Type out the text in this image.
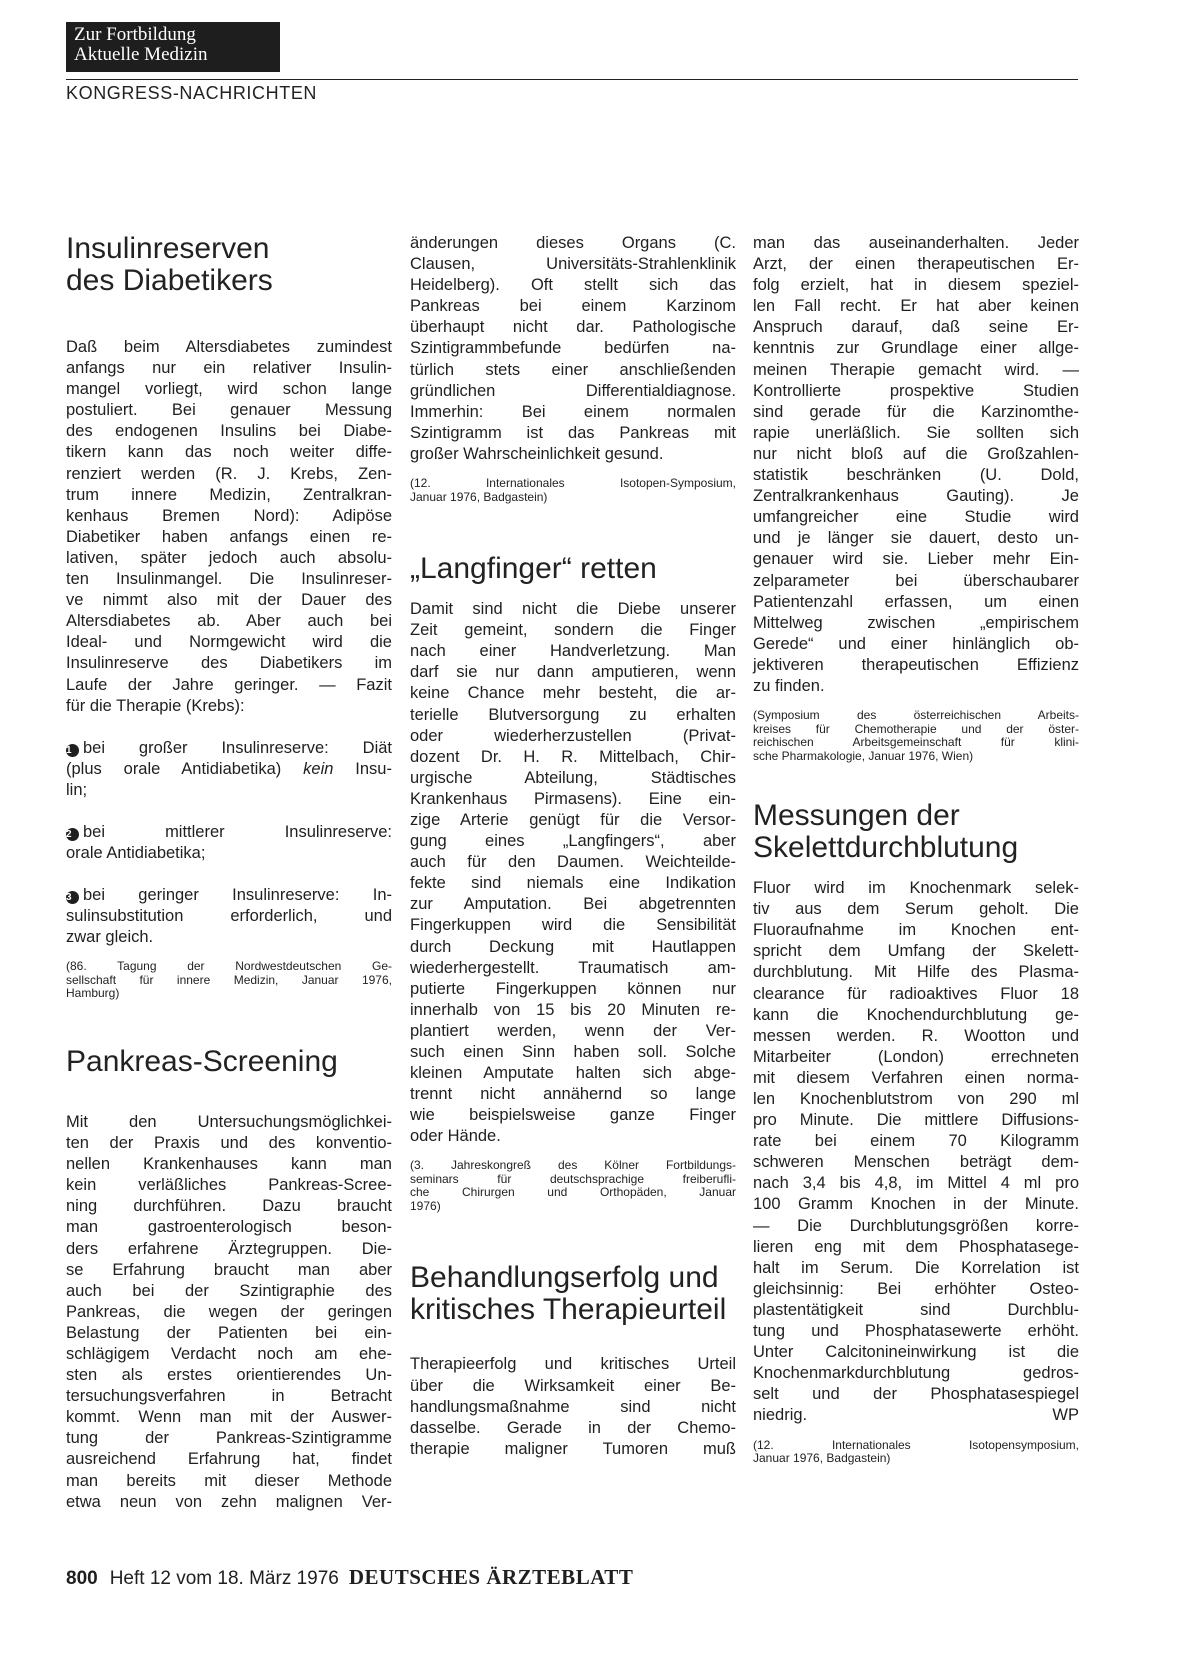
Zur Fortbildung
Aktuelle Medizin
KONGRESS-NACHRICHTEN
Insulinreserven
des Diabetikers
Daß beim Altersdiabetes zumindest
anfangs nur ein relativer Insulin-
mangel vorliegt, wird schon lange
postuliert. Bei genauer Messung
des endogenen Insulins bei Diabe-
tikern kann das noch weiter diffe-
renziert werden (R. J. Krebs, Zen-
trum innere Medizin, Zentralkran-
kenhaus Bremen Nord): Adipöse
Diabetiker haben anfangs einen re-
lativen, später jedoch auch absolu-
ten Insulinmangel. Die Insulinreser-
ve nimmt also mit der Dauer des
Altersdiabetes ab. Aber auch bei
Ideal- und Normgewicht wird die
Insulinreserve des Diabetikers im
Laufe der Jahre geringer. — Fazit
für die Therapie (Krebs):
1 bei großer Insulinreserve: Diät
(plus orale Antidiabetika) kein Insu-
lin;
2 bei mittlerer Insulinreserve:
orale Antidiabetika;
3 bei geringer Insulinreserve: In-
sulinsubstitution erforderlich, und
zwar gleich.
(86. Tagung der Nordwestdeutschen Ge-
sellschaft für innere Medizin, Januar 1976,
Hamburg)
Pankreas-Screening
Mit den Untersuchungsmöglichkei-
ten der Praxis und des konventio-
nellen Krankenhauses kann man
kein verläßliches Pankreas-Scree-
ning durchführen. Dazu braucht
man gastroenterologisch beson-
ders erfahrene Ärztegruppen. Die-
se Erfahrung braucht man aber
auch bei der Szintigraphie des
Pankreas, die wegen der geringen
Belastung der Patienten bei ein-
schlägigem Verdacht noch am ehe-
sten als erstes orientierendes Un-
tersuchungsverfahren in Betracht
kommt. Wenn man mit der Auswer-
tung der Pankreas-Szintigramme
ausreichend Erfahrung hat, findet
man bereits mit dieser Methode
etwa neun von zehn malignen Ver-
änderungen dieses Organs (C.
Clausen, Universitäts-Strahlenklinik
Heidelberg). Oft stellt sich das
Pankreas bei einem Karzinom
überhaupt nicht dar. Pathologische
Szintigrammbefunde bedürfen na-
türlich stets einer anschließenden
gründlichen Differentialdiagnose.
Immerhin: Bei einem normalen
Szintigramm ist das Pankreas mit
großer Wahrscheinlichkeit gesund.
(12. Internationales Isotopen-Symposium,
Januar 1976, Badgastein)
„Langfinger“ retten
Damit sind nicht die Diebe unserer
Zeit gemeint, sondern die Finger
nach einer Handverletzung. Man
darf sie nur dann amputieren, wenn
keine Chance mehr besteht, die ar-
terielle Blutversorgung zu erhalten
oder wiederherzustellen (Privat-
dozent Dr. H. R. Mittelbach, Chir-
urgische Abteilung, Städtisches
Krankenhaus Pirmasens). Eine ein-
zige Arterie genügt für die Versor-
gung eines „Langfingers“, aber
auch für den Daumen. Weichteilde-
fekte sind niemals eine Indikation
zur Amputation. Bei abgetrennten
Fingerkuppen wird die Sensibilität
durch Deckung mit Hautlappen
wiederhergestellt. Traumatisch am-
putierte Fingerkuppen können nur
innerhalb von 15 bis 20 Minuten re-
plantiert werden, wenn der Ver-
such einen Sinn haben soll. Solche
kleinen Amputate halten sich abge-
trennt nicht annähernd so lange
wie beispielsweise ganze Finger
oder Hände.
(3. Jahreskongreß des Kölner Fortbildungs-
seminars für deutschsprachige freiberufli-
che Chirurgen und Orthopäden, Januar
1976)
Behandlungserfolg und
kritisches Therapieurteil
Therapieerfolg und kritisches Urteil
über die Wirksamkeit einer Be-
handlungsmaßnahme sind nicht
dasselbe. Gerade in der Chemo-
therapie maligner Tumoren muß
man das auseinanderhalten. Jeder
Arzt, der einen therapeutischen Er-
folg erzielt, hat in diesem speziel-
len Fall recht. Er hat aber keinen
Anspruch darauf, daß seine Er-
kenntnis zur Grundlage einer allge-
meinen Therapie gemacht wird. —
Kontrollierte prospektive Studien
sind gerade für die Karzinomthe-
rapie unerläßlich. Sie sollten sich
nur nicht bloß auf die Großzahlen-
statistik beschränken (U. Dold,
Zentralkrankenhaus Gauting). Je
umfangreicher eine Studie wird
und je länger sie dauert, desto un-
genauer wird sie. Lieber mehr Ein-
zelparameter bei überschaubarer
Patientenzahl erfassen, um einen
Mittelweg zwischen „empirischem
Gerede“ und einer hinlänglich ob-
jektiveren therapeutischen Effizienz
zu finden.
(Symposium des österreichischen Arbeits-
kreises für Chemotherapie und der öster-
reichischen Arbeitsgemeinschaft für klini-
sche Pharmakologie, Januar 1976, Wien)
Messungen der
Skelettdurchblutung
Fluor wird im Knochenmark selek-
tiv aus dem Serum geholt. Die
Fluoraufnahme im Knochen ent-
spricht dem Umfang der Skelett-
durchblutung. Mit Hilfe des Plasma-
clearance für radioaktives Fluor 18
kann die Knochendurchblutung ge-
messen werden. R. Wootton und
Mitarbeiter (London) errechneten
mit diesem Verfahren einen norma-
len Knochenblutstrom von 290 ml
pro Minute. Die mittlere Diffusions-
rate bei einem 70 Kilogramm
schweren Menschen beträgt dem-
nach 3,4 bis 4,8, im Mittel 4 ml pro
100 Gramm Knochen in der Minute.
— Die Durchblutungsgrößen korre-
lieren eng mit dem Phosphatasege-
halt im Serum. Die Korrelation ist
gleichsinnig: Bei erhöhter Osteo-
plastentätigkeit sind Durchblu-
tung und Phosphatasewerte erhöht.
Unter Calcitonineinwirkung ist die
Knochenmarkdurchblutung gedros-
selt und der Phosphatasespiegel
niedrig.	WP
(12. Internationales Isotopensymposium,
Januar 1976, Badgastein)
800 Heft 12 vom 18. März 1976 DEUTSCHES ÄRZTEBLATT
